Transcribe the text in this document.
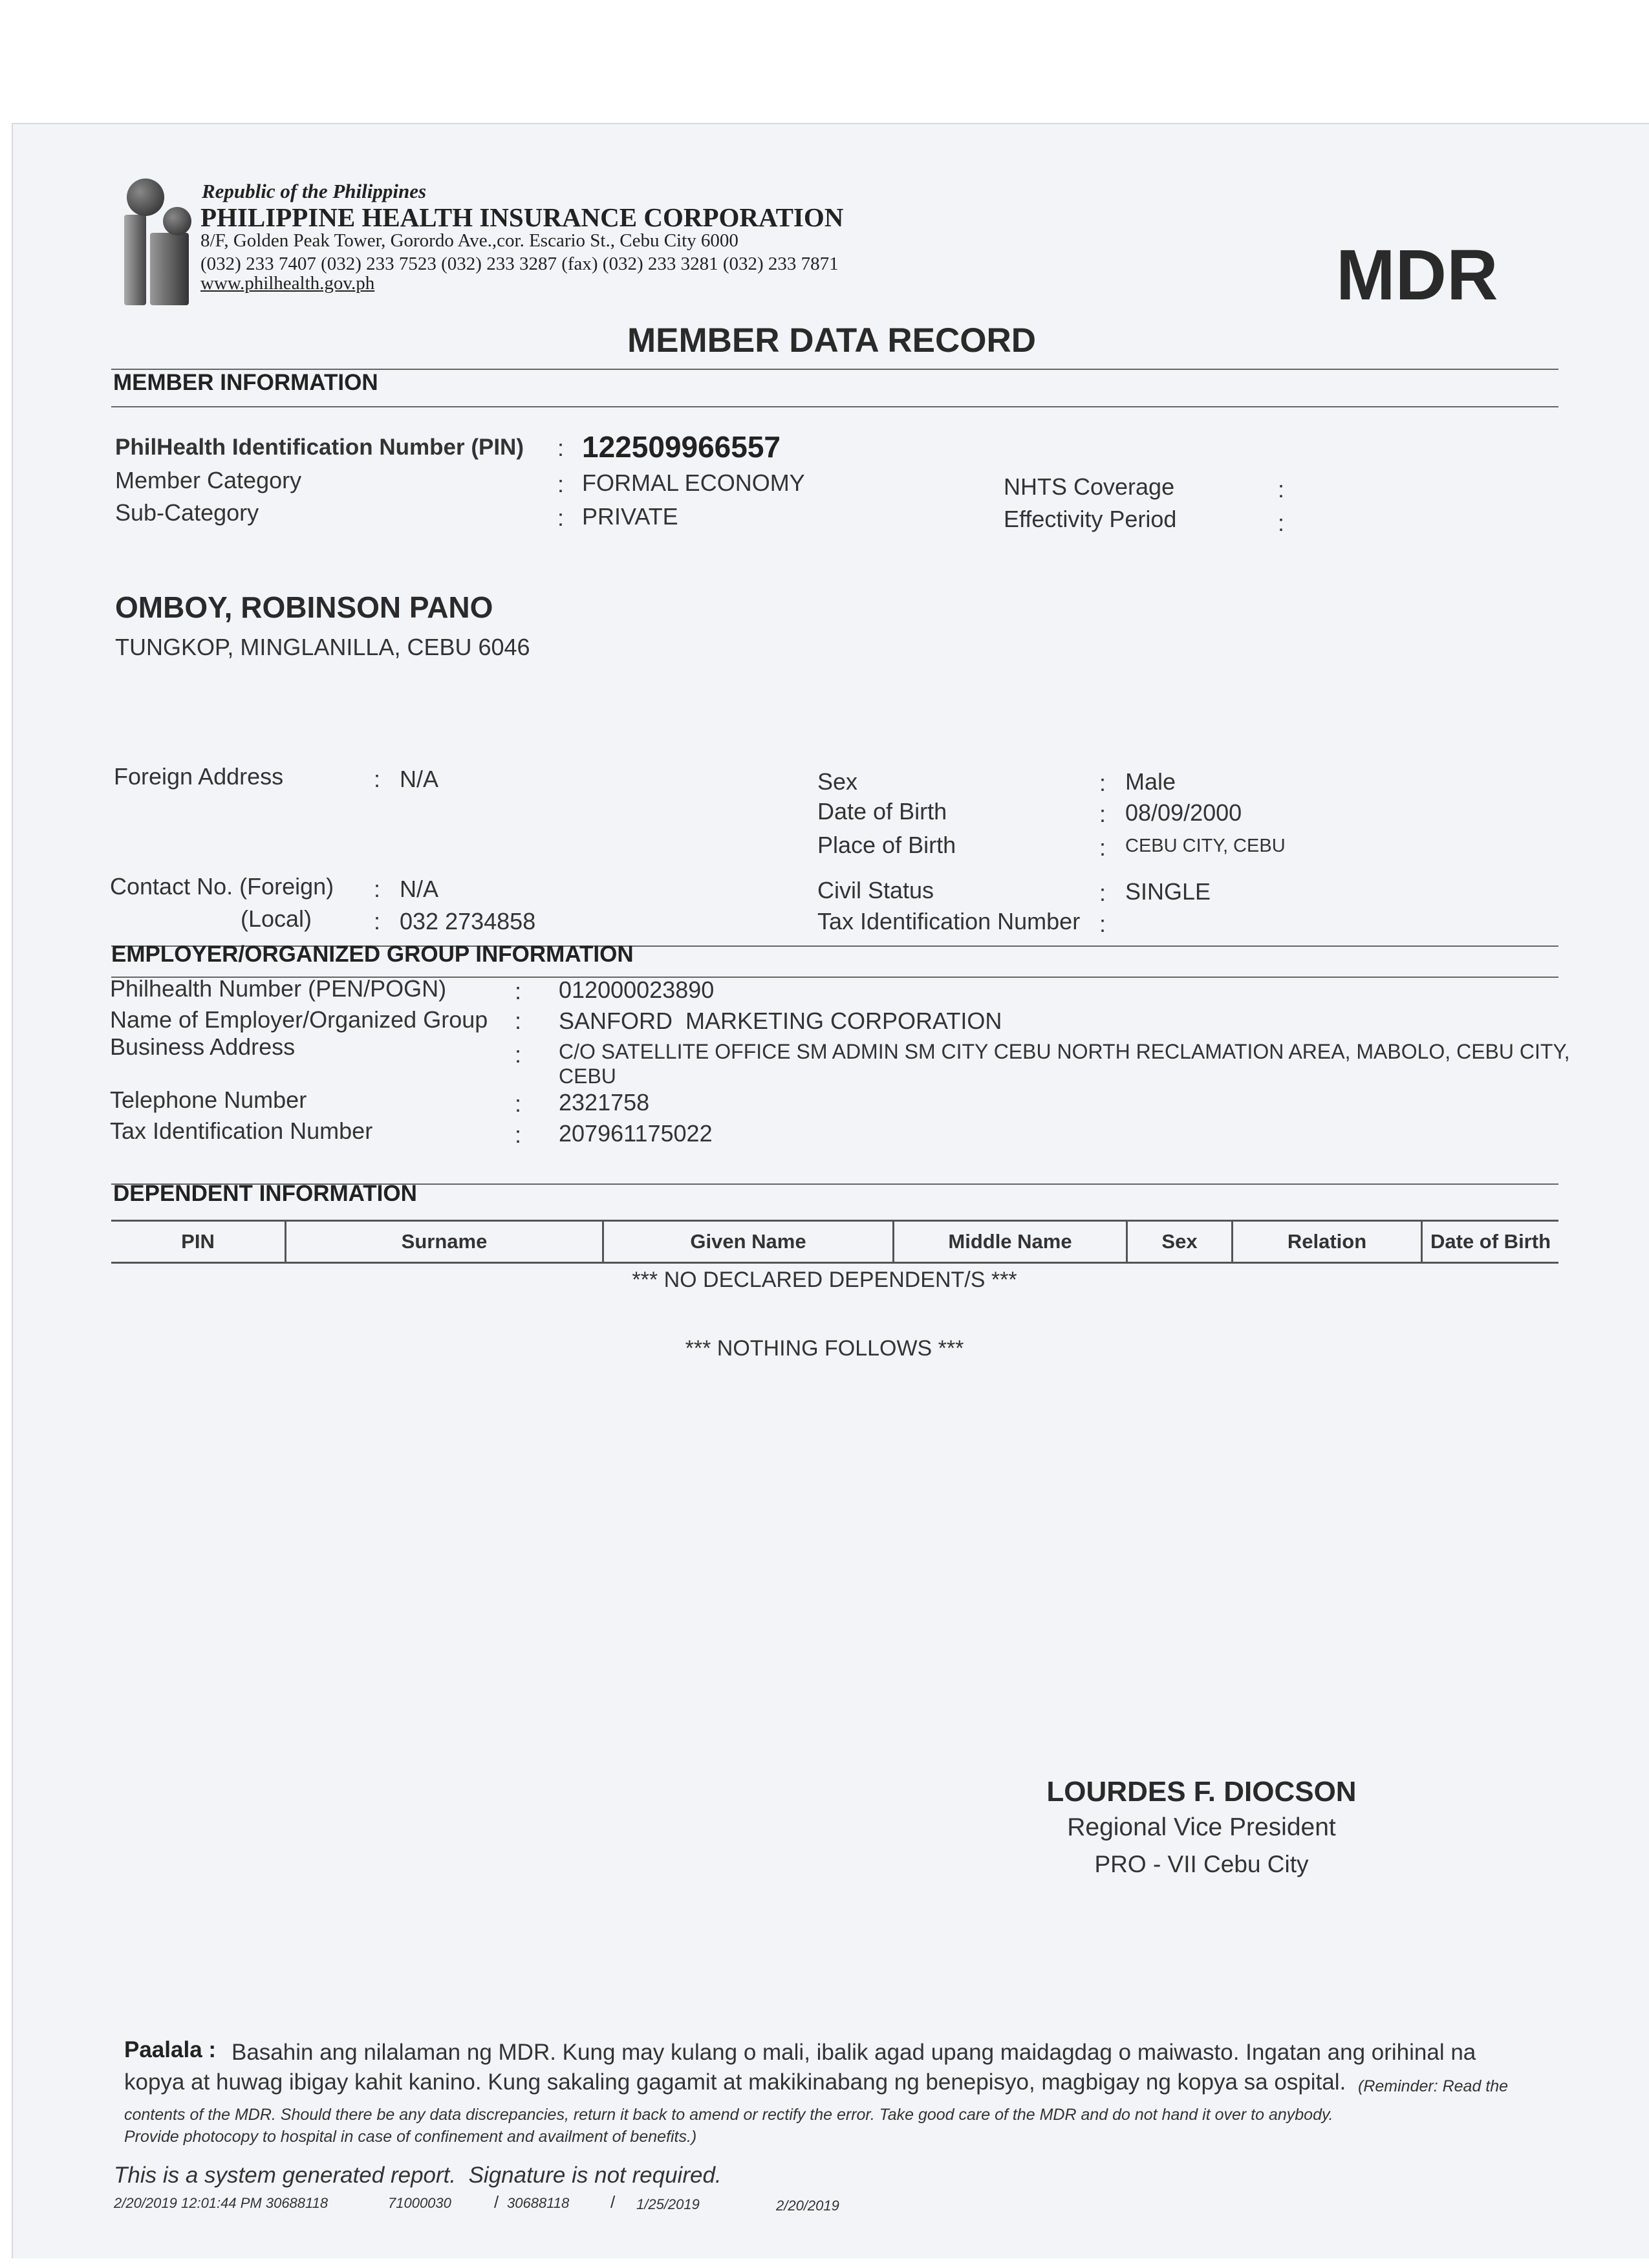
Republic of the Philippines
PHILIPPINE HEALTH INSURANCE CORPORATION
8/F, Golden Peak Tower, Gorordo Ave.,cor. Escario St., Cebu City 6000
(032) 233 7407 (032) 233 7523 (032) 233 3287 (fax) (032) 233 3281 (032) 233 7871
www.philhealth.gov.ph	MDR
MEMBER DATA RECORD
MEMBER INFORMATION
PhilHealth Identification Number (PIN) : 122509966557
Member Category	: FORMAL ECONOMY
Sub-Category	: PRIVATE
NHTS Coverage	:
Effectivity Period	:
OMBOY, ROBINSON PANO
TUNGKOP, MINGLANILLA, CEBU 6046
Foreign Address	: N/A	Sex	: Male
Date of Birth	: 08/09/2000
Place of Birth	: CEBU CITY, CEBU
Contact No. (Foreign) : N/A
(Local)	: 032 2734858
Civil Status	: SINGLE
Tax Identification Number :
EMPLOYER/ORGANIZED GROUP INFORMATION
Philhealth Number (PEN/POGN)	: 012000023890
Name of Employer/Organized Group : SANFORD  MARKETING CORPORATION
Business Address	: C/O SATELLITE OFFICE SM ADMIN SM CITY CEBU NORTH RECLAMATION AREA, MABOLO, CEBU CITY,
CEBU
Telephone Number	: 2321758
Tax Identification Number	: 207961175022
DEPENDENT INFORMATION
PIN	Surname	Given Name	Middle Name	Sex	Relation	Date of Birth
*** NO DECLARED DEPENDENT/S ***
*** NOTHING FOLLOWS ***
LOURDES F. DIOCSON
Regional Vice President
PRO - VII Cebu City
Paalala : Basahin ang nilalaman ng MDR. Kung may kulang o mali, ibalik agad upang maidagdag o maiwasto. Ingatan ang orihinal na
kopya at huwag ibigay kahit kanino. Kung sakaling gagamit at makikinabang ng benepisyo, magbigay ng kopya sa ospital. (Reminder: Read the
contents of the MDR. Should there be any data discrepancies, return it back to amend or rectify the error. Take good care of the MDR and do not hand it over to anybody.
Provide photocopy to hospital in case of confinement and availment of benefits.)
This is a system generated report.  Signature is not required.
2/20/2019 12:01:44 PM 30688118	71000030	/ 30688118 / 1/25/2019	2/20/2019
